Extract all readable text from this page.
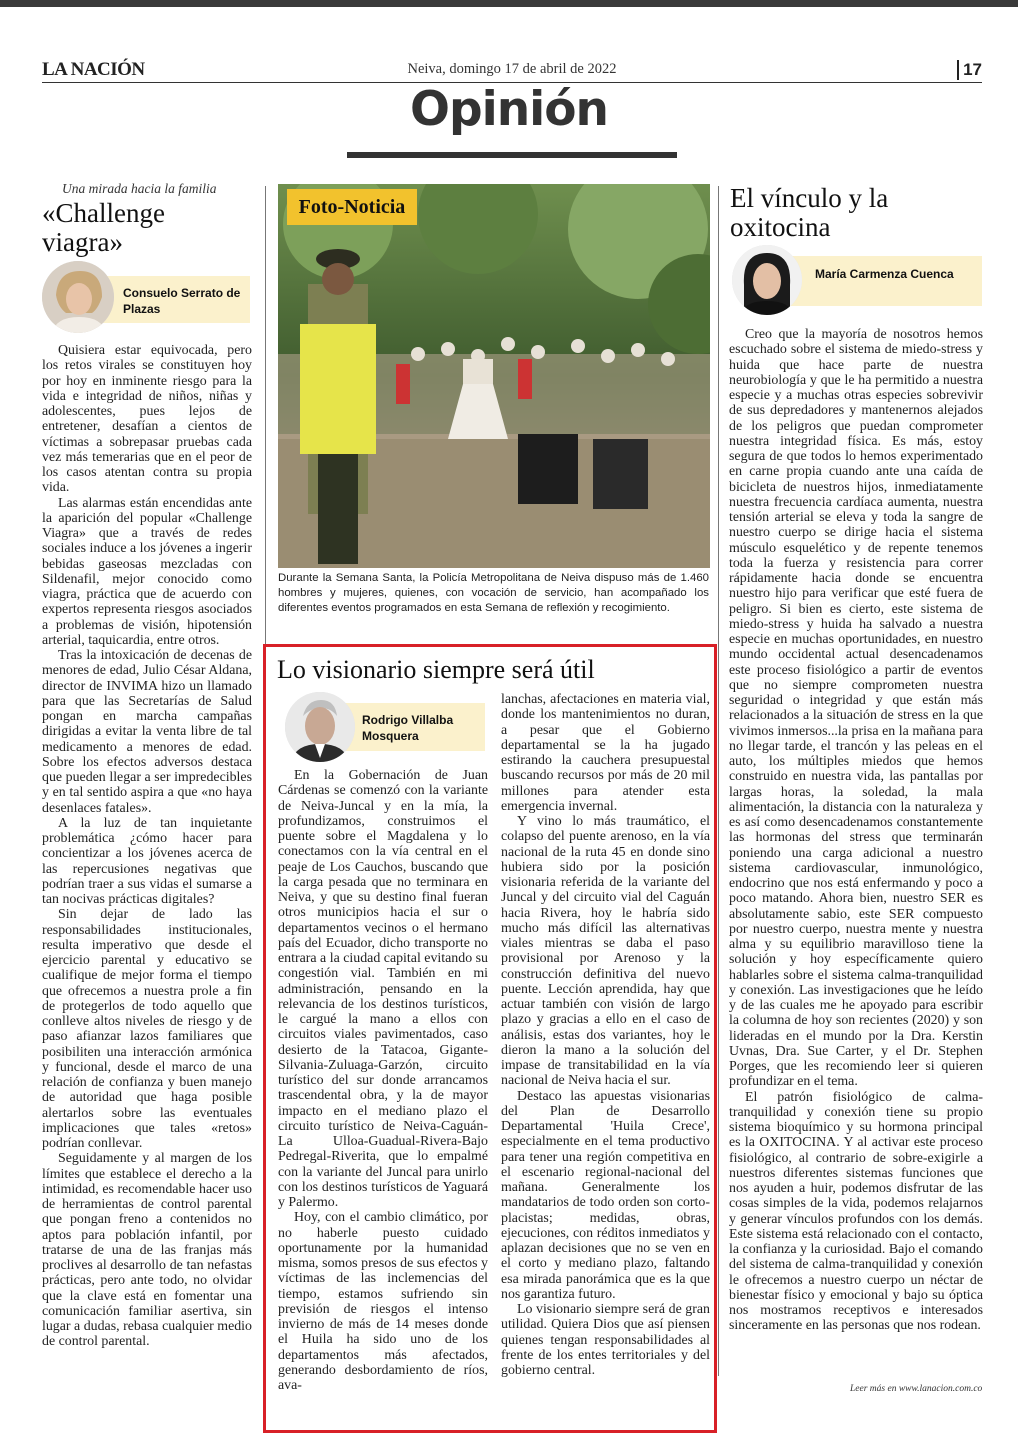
LA NACIÓN	Neiva, domingo 17 de abril de 2022	17
Opinión
Una mirada hacia la familia
«Challenge viagra»
Consuelo Serrato de Plazas

Quisiera estar equivocada, pero los retos virales se constituyen hoy por hoy en inminente riesgo para la vida e integridad de niños, niñas y adolescentes, pues lejos de entretener, desafían a cientos de víctimas a sobrepasar pruebas cada vez más temerarias que en el peor de los casos atentan contra su propia vida.

Las alarmas están encendidas ante la aparición del popular «Challenge Viagra» que a través de redes sociales induce a los jóvenes a ingerir bebidas gaseosas mezcladas con Sildenafil, mejor conocido como viagra, práctica que de acuerdo con expertos representa riesgos asociados a problemas de visión, hipotensión arterial, taquicardia, entre otros.

Tras la intoxicación de decenas de menores de edad, Julio César Aldana, director de INVIMA hizo un llamado para que las Secretarías de Salud pongan en marcha campañas dirigidas a evitar la venta libre de tal medicamento a menores de edad. Sobre los efectos adversos destaca que pueden llegar a ser impredecibles y en tal sentido aspira a que «no haya desenlaces fatales».

A la luz de tan inquietante problemática ¿cómo hacer para concientizar a los jóvenes acerca de las repercusiones negativas que podrían traer a sus vidas el sumarse a tan nocivas prácticas digitales?

Sin dejar de lado las responsabilidades institucionales, resulta imperativo que desde el ejercicio parental y educativo se cualifique de mejor forma el tiempo que ofrecemos a nuestra prole a fin de protegerlos de todo aquello que conlleve altos niveles de riesgo y de paso afianzar lazos familiares que posibiliten una interacción armónica y funcional, desde el marco de una relación de confianza y buen manejo de autoridad que haga posible alertarlos sobre las eventuales implicaciones que tales «retos» podrían conllevar.

Seguidamente y al margen de los límites que establece el derecho a la intimidad, es recomendable hacer uso de herramientas de control parental que pongan freno a contenidos no aptos para población infantil, por tratarse de una de las franjas más proclives al desarrollo de tan nefastas prácticas, pero ante todo, no olvidar que la clave está en fomentar una comunicación familiar asertiva, sin lugar a dudas, rebasa cualquier medio de control parental.

Foto-Noticia
Durante la Semana Santa, la Policía Metropolitana de Neiva dispuso más de 1.460 hombres y mujeres, quienes, con vocación de servicio, han acompañado los diferentes eventos programados en esta Semana de reflexión y recogimiento.
Lo visionario siempre será útil
Rodrigo Villalba Mosquera

En la Gobernación de Juan Cárdenas se comenzó con la variante de Neiva-Juncal y en la mía, la profundizamos, construimos el puente sobre el Magdalena y lo conectamos con la vía central en el peaje de Los Cauchos, buscando que la carga pesada que no terminara en Neiva, y que su destino final fueran otros municipios hacia el sur o departamentos vecinos o el hermano país del Ecuador, dicho transporte no entrara a la ciudad capital evitando su congestión vial. También en mi administración, pensando en la relevancia de los destinos turísticos, le cargué la mano a ellos con circuitos viales pavimentados, caso desierto de la Tatacoa, Gigante-Silvania-Zuluaga-Garzón, circuito turístico del sur donde arrancamos trascendental obra, y la de mayor impacto en el mediano plazo el circuito turístico de Neiva-Caguán-La Ulloa-Guadual-Rivera-Bajo Pedregal-Riverita, que lo empalmé con la variante del Juncal para unirlo con los destinos turísticos de Yaguará y Palermo.

Hoy, con el cambio climático, por no haberle puesto cuidado oportunamente por la humanidad misma, somos presos de sus efectos y víctimas de las inclemencias del tiempo, estamos sufriendo sin previsión de riesgos el intenso invierno de más de 14 meses donde el Huila ha sido uno de los departamentos más afectados, generando desbordamiento de ríos, ava-

lanchas, afectaciones en materia vial, donde los mantenimientos no duran, a pesar que el Gobierno departamental se la ha jugado estirando la cauchera presupuestal buscando recursos por más de 20 mil millones para atender esta emergencia invernal.

Y vino lo más traumático, el colapso del puente arenoso, en la vía nacional de la ruta 45 en donde sino hubiera sido por la posición visionaria referida de la variante del Juncal y del circuito vial del Caguán hacia Rivera, hoy le habría sido mucho más difícil las alternativas viales mientras se daba el paso provisional por Arenoso y la construcción definitiva del nuevo puente. Lección aprendida, hay que actuar también con visión de largo plazo y gracias a ello en el caso de análisis, estas dos variantes, hoy le dieron la mano a la solución del impase de transitabilidad en la vía nacional de Neiva hacia el sur.

Destaco las apuestas visionarias del Plan de Desarrollo Departamental 'Huila Crece', especialmente en el tema productivo para tener una región competitiva en el escenario regional-nacional del mañana. Generalmente los mandatarios de todo orden son corto-placistas; medidas, obras, ejecuciones, con réditos inmediatos y aplazan decisiones que no se ven en el corto y mediano plazo, faltando esa mirada panorámica que es la que nos garantiza futuro.

Lo visionario siempre será de gran utilidad. Quiera Dios que así piensen quienes tengan responsabilidades al frente de los entes territoriales y del gobierno central.

El vínculo y la oxitocina
María Carmenza Cuenca

Creo que la mayoría de nosotros hemos escuchado sobre el sistema de miedo-stress y huida que hace parte de nuestra neurobiología y que le ha permitido a nuestra especie y a muchas otras especies sobrevivir de sus depredadores y mantenernos alejados de los peligros que puedan comprometer nuestra integridad física. Es más, estoy segura de que todos lo hemos experimentado en carne propia cuando ante una caída de bicicleta de nuestros hijos, inmediatamente nuestra frecuencia cardíaca aumenta, nuestra tensión arterial se eleva y toda la sangre de nuestro cuerpo se dirige hacia el sistema músculo esquelético y de repente tenemos toda la fuerza y resistencia para correr rápidamente hacia donde se encuentra nuestro hijo para verificar que esté fuera de peligro. Si bien es cierto, este sistema de miedo-stress y huida ha salvado a nuestra especie en muchas oportunidades, en nuestro mundo occidental actual desencadenamos este proceso fisiológico a partir de eventos que no siempre comprometen nuestra seguridad o integridad y que están más relacionados a la situación de stress en la que vivimos inmersos...la prisa en la mañana para no llegar tarde, el trancón y las peleas en el auto, los múltiples miedos que hemos construido en nuestra vida, las pantallas por largas horas, la soledad, la mala alimentación, la distancia con la naturaleza y es así como desencadenamos constantemente las hormonas del stress que terminarán poniendo una carga adicional a nuestro sistema cardiovascular, inmunológico, endocrino que nos está enfermando y poco a poco matando. Ahora bien, nuestro SER es absolutamente sabio, este SER compuesto por nuestro cuerpo, nuestra mente y nuestra alma y su equilibrio maravilloso tiene la solución y hoy específicamente quiero hablarles sobre el sistema calma-tranquilidad y conexión. Las investigaciones que he leído y de las cuales me he apoyado para escribir la columna de hoy son recientes (2020) y son lideradas en el mundo por la Dra. Kerstin Uvnas, Dra. Sue Carter, y el Dr. Stephen Porges, que les recomiendo leer si quieren profundizar en el tema.

El patrón fisiológico de calma-tranquilidad y conexión tiene su propio sistema bioquímico y su hormona principal es la OXITOCINA. Y al activar este proceso fisiológico, al contrario de sobre-exigirle a nuestros diferentes sistemas funciones que nos ayuden a huir, podemos disfrutar de las cosas simples de la vida, podemos relajarnos y generar vínculos profundos con los demás. Este sistema está relacionado con el contacto, la confianza y la curiosidad. Bajo el comando del sistema de calma-tranquilidad y conexión le ofrecemos a nuestro cuerpo un néctar de bienestar físico y emocional y bajo su óptica nos mostramos receptivos e interesados sinceramente en las personas que nos rodean.

Leer más en www.lanacion.com.co
